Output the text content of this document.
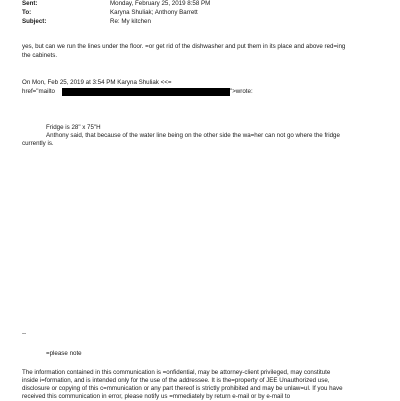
Sent:	Monday, February 25, 2019 8:58 PM
To:	Karyna Shuliak; Anthony Barrett
Subject:	Re: My kitchen
yes, but can we run the lines under the floor. =or get rid of the dishwasher and put them in its place and above red=ing
the cabinets.
On Mon, Feb 25, 2019 at 3:54 PM Karyna Shuliak <<=
href="mailto	">wrote:
Fridge is 28" x 75"H
Anthony said, that because of the water line being on the other side the wa=her can not go where the fridge
currently is.
--
=please note
The information contained in this communication is =onfidential, may be attorney-client privileged, may constitute
inside i=formation, and is intended only for the use of the addressee. It is the=property of JEE Unauthorized use,
disclosure or copying of this c=mmunication or any part thereof is strictly prohibited and may be unlaw=ul. If you have
received this communication in error, please notify us =mmediately by return e-mail or by e-mail to
